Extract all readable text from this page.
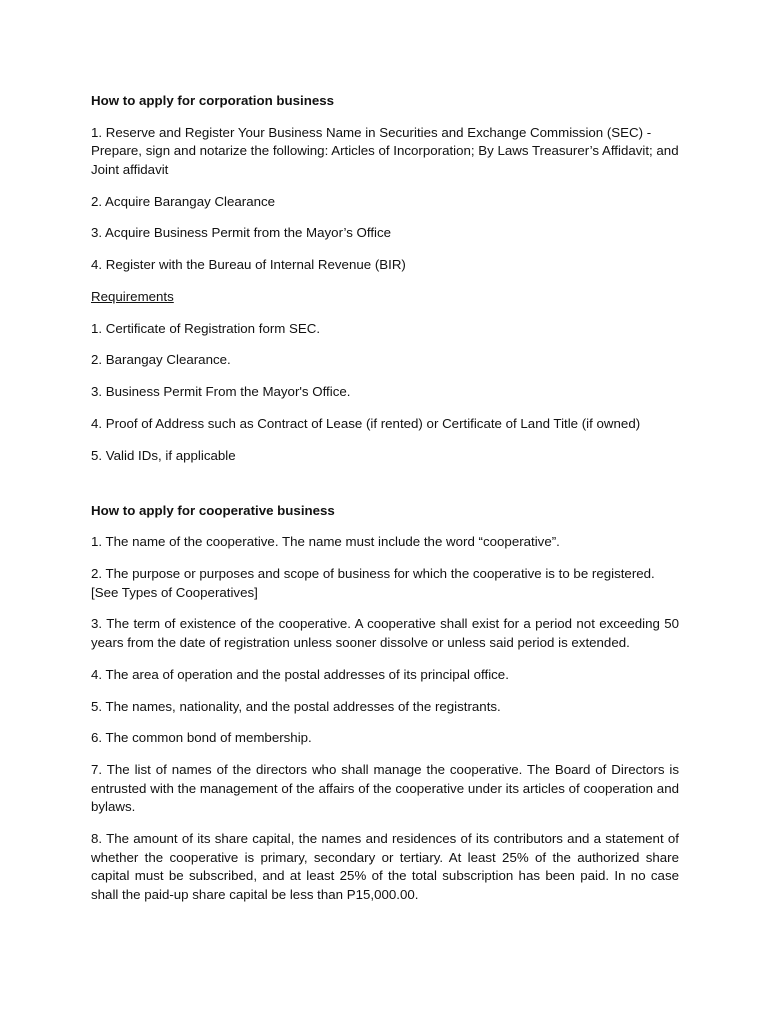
How to apply for corporation business
1. Reserve and Register Your Business Name in Securities and Exchange Commission (SEC) - Prepare, sign and notarize the following: Articles of Incorporation; By Laws Treasurer’s Affidavit; and Joint affidavit
2. Acquire Barangay Clearance
3. Acquire Business Permit from the Mayor’s Office
4. Register with the Bureau of Internal Revenue (BIR)
Requirements
1. Certificate of Registration form SEC.
2. Barangay Clearance.
3. Business Permit From the Mayor's Office.
4. Proof of Address such as Contract of Lease (if rented) or Certificate of Land Title (if owned)
5. Valid IDs, if applicable
How to apply for cooperative business
1. The name of the cooperative. The name must include the word “cooperative”.
2. The purpose or purposes and scope of business for which the cooperative is to be registered. [See Types of Cooperatives]
3. The term of existence of the cooperative. A cooperative shall exist for a period not exceeding 50 years from the date of registration unless sooner dissolve or unless said period is extended.
4. The area of operation and the postal addresses of its principal office.
5. The names, nationality, and the postal addresses of the registrants.
6. The common bond of membership.
7. The list of names of the directors who shall manage the cooperative. The Board of Directors is entrusted with the management of the affairs of the cooperative under its articles of cooperation and bylaws.
8. The amount of its share capital, the names and residences of its contributors and a statement of whether the cooperative is primary, secondary or tertiary. At least 25% of the authorized share capital must be subscribed, and at least 25% of the total subscription has been paid. In no case shall the paid-up share capital be less than P15,000.00.
